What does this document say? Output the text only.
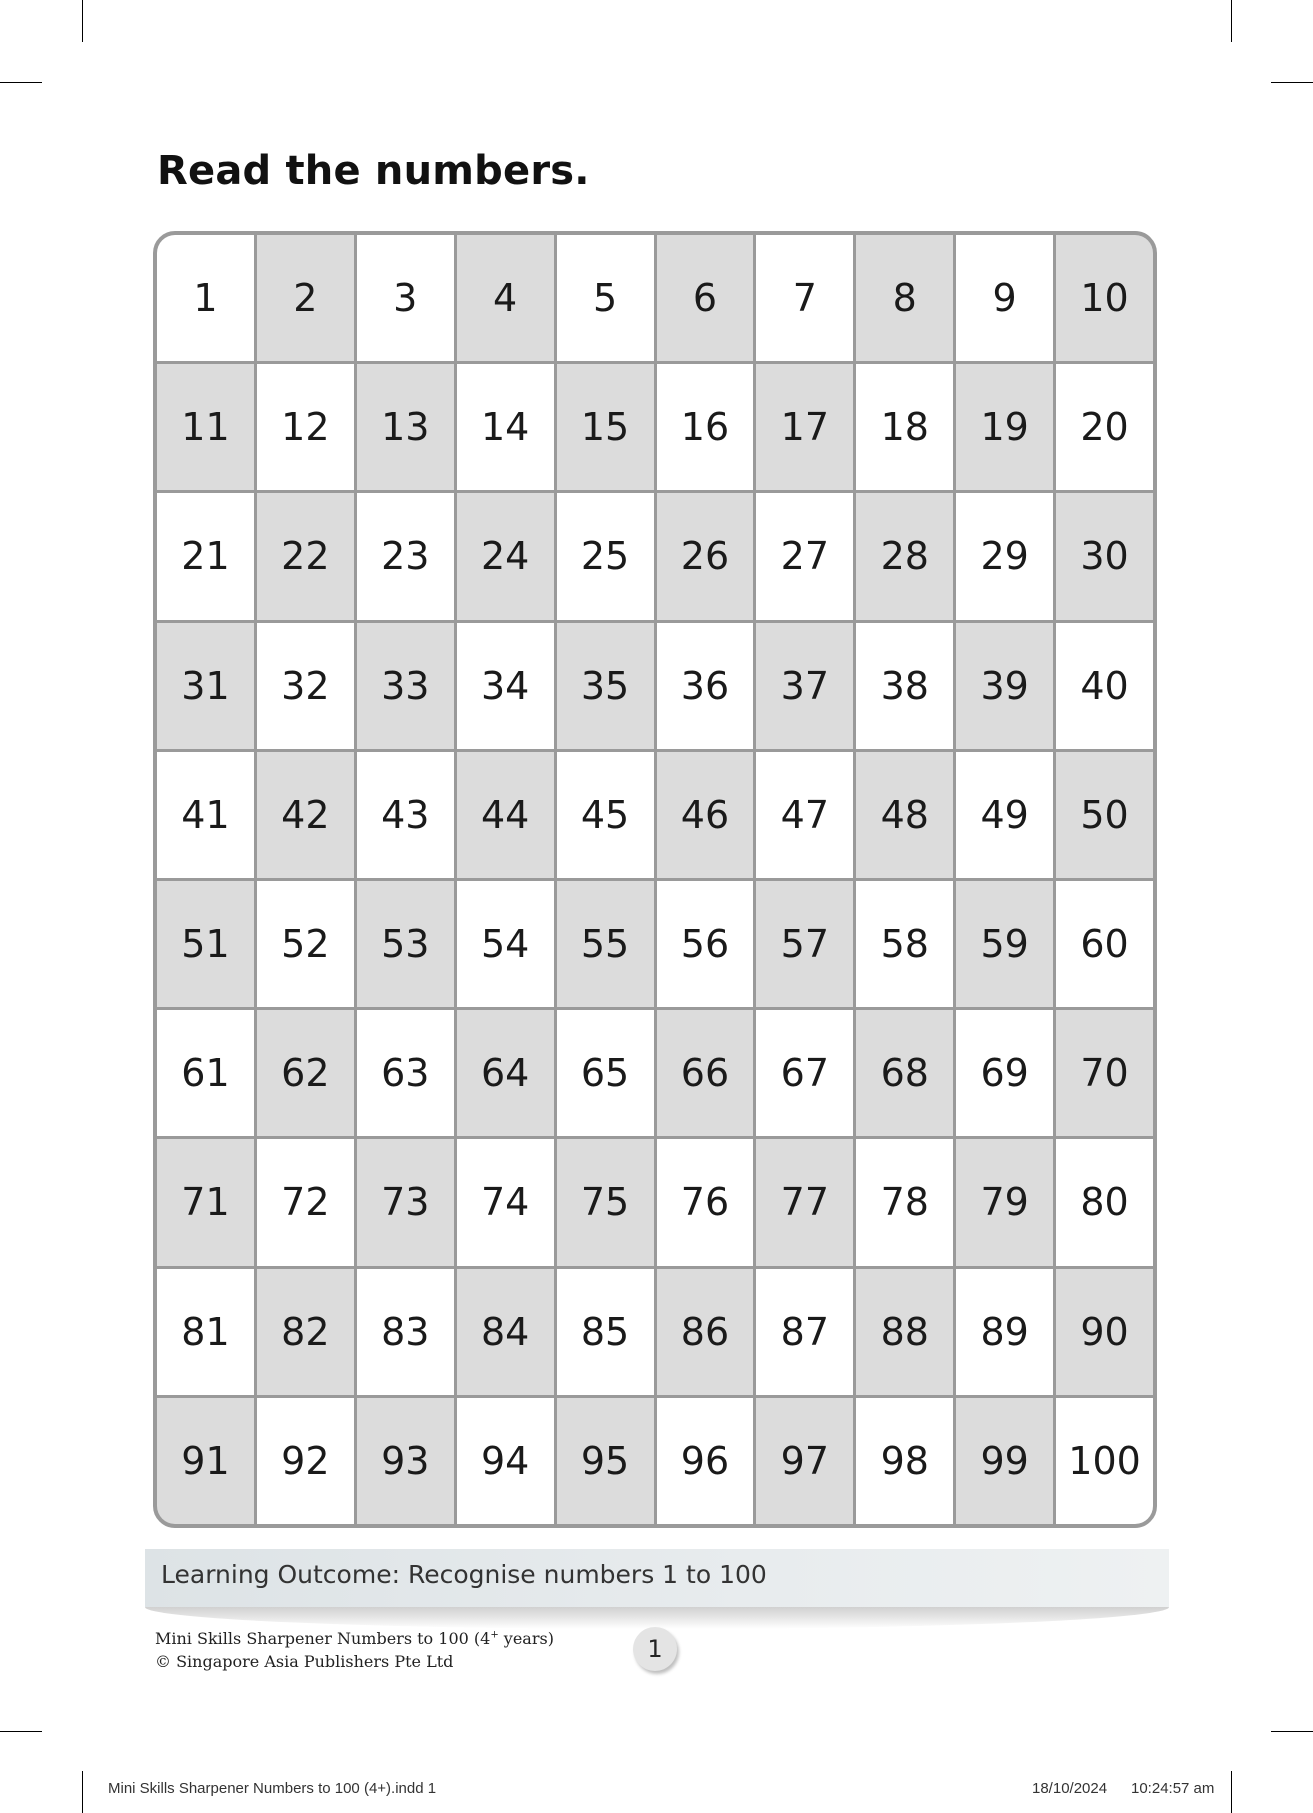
Read the numbers.
1	2	3	4	5	6	7	8	9	10
11	12	13	14	15	16	17	18	19	20
21	22	23	24	25	26	27	28	29	30
31	32	33	34	35	36	37	38	39	40
41	42	43	44	45	46	47	48	49	50
51	52	53	54	55	56	57	58	59	60
61	62	63	64	65	66	67	68	69	70
71	72	73	74	75	76	77	78	79	80
81	82	83	84	85	86	87	88	89	90
91	92	93	94	95	96	97	98	99	100
Learning Outcome: Recognise numbers 1 to 100
Mini Skills Sharpener Numbers to 100 (4+ years)
© Singapore Asia Publishers Pte Ltd	1
Mini Skills Sharpener Numbers to 100 (4+).indd 1	18/10/2024 10:24:57 am
